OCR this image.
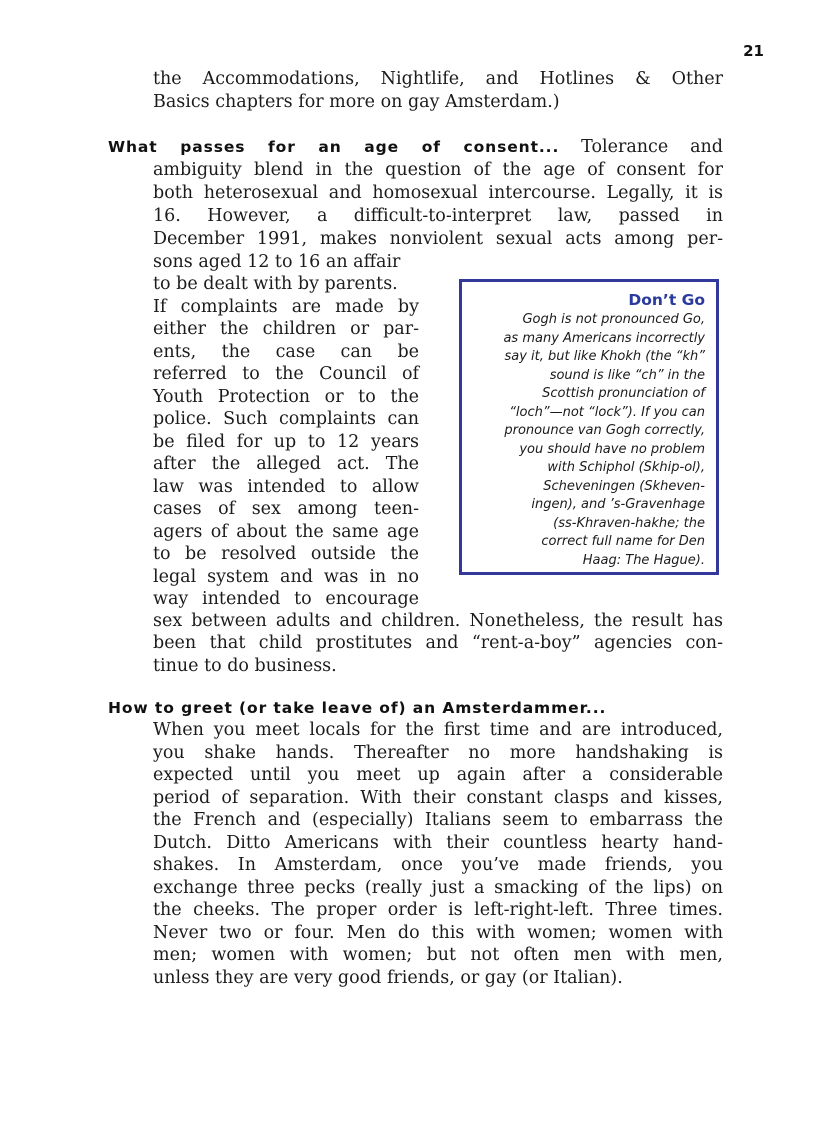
21
the Accommodations, Nightlife, and Hotlines & Other
Basics chapters for more on gay Amsterdam.)
What passes for an age of consent... Tolerance and
ambiguity blend in the question of the age of consent for
both heterosexual and homosexual intercourse. Legally, it is
16. However, a difficult-to-interpret law, passed in
December 1991, makes nonviolent sexual acts among per-
sons aged 12 to 16 an affair
to be dealt with by parents.
If complaints are made by
either the children or par-
ents, the case can be
referred to the Council of
Youth Protection or to the
police. Such complaints can
be filed for up to 12 years
after the alleged act. The
law was intended to allow
cases of sex among teen-
agers of about the same age
to be resolved outside the
legal system and was in no
way intended to encourage
sex between adults and children. Nonetheless, the result has
been that child prostitutes and “rent-a-boy” agencies con-
tinue to do business.
Don’t Go
Gogh is not pronounced Go,
as many Americans incorrectly
say it, but like Khokh (the “kh”
sound is like “ch” in the
Scottish pronunciation of
“loch”—not “lock”). If you can
pronounce van Gogh correctly,
you should have no problem
with Schiphol (Skhip-ol),
Scheveningen (Skheven-
ingen), and ’s-Gravenhage
(ss-Khraven-hakhe; the
correct full name for Den
Haag: The Hague).
How to greet (or take leave of) an Amsterdammer...
When you meet locals for the first time and are introduced,
you shake hands. Thereafter no more handshaking is
expected until you meet up again after a considerable
period of separation. With their constant clasps and kisses,
the French and (especially) Italians seem to embarrass the
Dutch. Ditto Americans with their countless hearty hand-
shakes. In Amsterdam, once you’ve made friends, you
exchange three pecks (really just a smacking of the lips) on
the cheeks. The proper order is left-right-left. Three times.
Never two or four. Men do this with women; women with
men; women with women; but not often men with men,
unless they are very good friends, or gay (or Italian).
